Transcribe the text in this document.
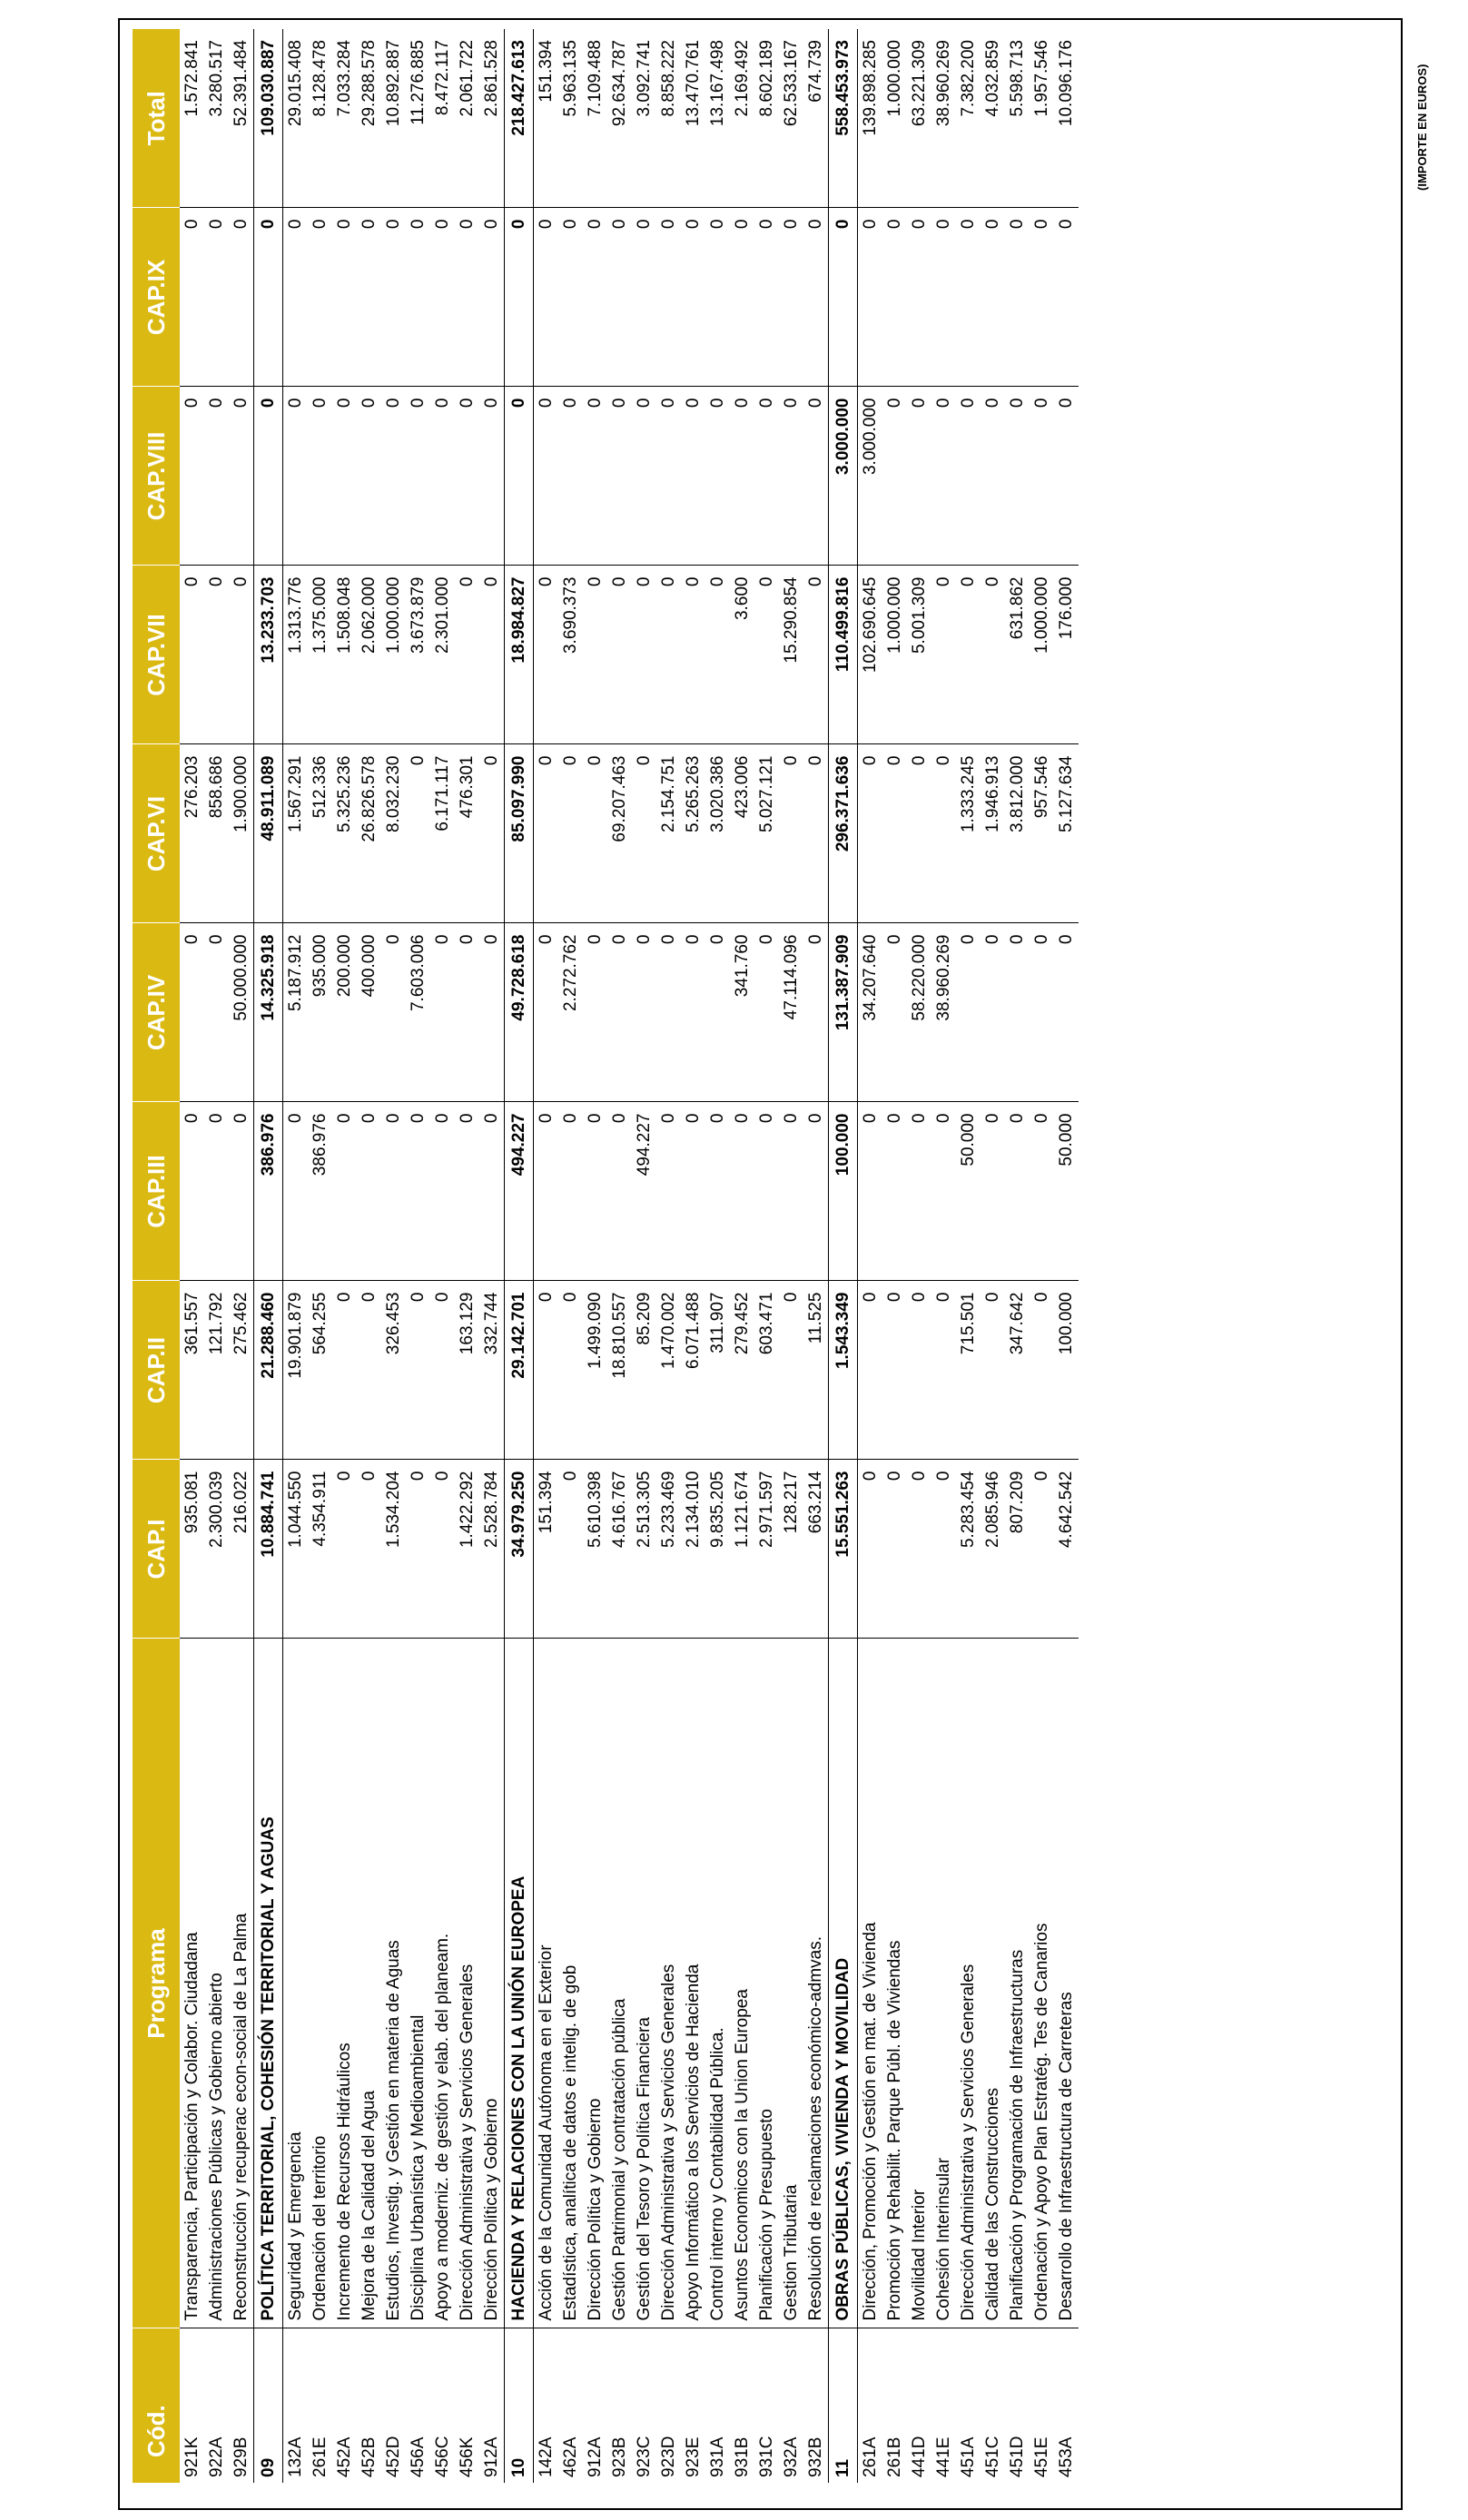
(IMPORTE EN EUROS)
Cód.	Programa	CAP.I	CAP.II	CAP.III	CAP.IV	CAP.VI	CAP.VII	CAP.VIII	CAP.IX	Total
921K	Transparencia, Participación y Colabor. Ciudadana	935.081	361.557	0	0	276.203	0	0	0	1.572.841
922A	Administraciones Públicas y Gobierno abierto	2.300.039	121.792	0	0	858.686	0	0	0	3.280.517
929B	Reconstrucción y recuperac econ-social de La Palma	216.022	275.462	0	50.000.000	1.900.000	0	0	0	52.391.484
09	POLÍTICA TERRITORIAL, COHESIÓN TERRITORIAL Y AGUAS	10.884.741	21.288.460	386.976	14.325.918	48.911.089	13.233.703	0	0	109.030.887
132A	Seguridad y Emergencia	1.044.550	19.901.879	0	5.187.912	1.567.291	1.313.776	0	0	29.015.408
261E	Ordenación del territorio	4.354.911	564.255	386.976	935.000	512.336	1.375.000	0	0	8.128.478
452A	Incremento de Recursos Hidráulicos	0	0	0	200.000	5.325.236	1.508.048	0	0	7.033.284
452B	Mejora de la Calidad del Agua	0	0	0	400.000	26.826.578	2.062.000	0	0	29.288.578
452D	Estudios, Investig. y Gestión en materia de Aguas	1.534.204	326.453	0	0	8.032.230	1.000.000	0	0	10.892.887
456A	Disciplina Urbanística y Medioambiental	0	0	0	7.603.006	0	3.673.879	0	0	11.276.885
456C	Apoyo a moderniz. de gestión y elab. del planeam.	0	0	0	0	6.171.117	2.301.000	0	0	8.472.117
456K	Dirección Administrativa y Servicios Generales	1.422.292	163.129	0	0	476.301	0	0	0	2.061.722
912A	Dirección Política y Gobierno	2.528.784	332.744	0	0	0	0	0	0	2.861.528
10	HACIENDA Y RELACIONES CON LA UNIÓN EUROPEA	34.979.250	29.142.701	494.227	49.728.618	85.097.990	18.984.827	0	0	218.427.613
142A	Acción de la Comunidad Autónoma en el Exterior	151.394	0	0	0	0	0	0	0	151.394
462A	Estadística, analítica de datos e intelig. de gob	0	0	0	2.272.762	0	3.690.373	0	0	5.963.135
912A	Dirección Política y Gobierno	5.610.398	1.499.090	0	0	0	0	0	0	7.109.488
923B	Gestión Patrimonial y contratación pública	4.616.767	18.810.557	0	0	69.207.463	0	0	0	92.634.787
923C	Gestión del Tesoro y Política Financiera	2.513.305	85.209	494.227	0	0	0	0	0	3.092.741
923D	Dirección Administrativa y Servicios Generales	5.233.469	1.470.002	0	0	2.154.751	0	0	0	8.858.222
923E	Apoyo Informático a los Servicios de Hacienda	2.134.010	6.071.488	0	0	5.265.263	0	0	0	13.470.761
931A	Control interno y Contabilidad Pública.	9.835.205	311.907	0	0	3.020.386	0	0	0	13.167.498
931B	Asuntos Economicos con la Union Europea	1.121.674	279.452	0	341.760	423.006	3.600	0	0	2.169.492
931C	Planificación y Presupuesto	2.971.597	603.471	0	0	5.027.121	0	0	0	8.602.189
932A	Gestion Tributaria	128.217	0	0	47.114.096	0	15.290.854	0	0	62.533.167
932B	Resolución de reclamaciones económico-admvas.	663.214	11.525	0	0	0	0	0	0	674.739
11	OBRAS PÚBLICAS, VIVIENDA Y MOVILIDAD	15.551.263	1.543.349	100.000	131.387.909	296.371.636	110.499.816	3.000.000	0	558.453.973
261A	Dirección, Promoción y Gestión en mat. de Vivienda	0	0	0	34.207.640	0	102.690.645	3.000.000	0	139.898.285
261B	Promoción y Rehabilit. Parque Públ. de Viviendas	0	0	0	0	0	1.000.000	0	0	1.000.000
441D	Movilidad Interior	0	0	0	58.220.000	0	5.001.309	0	0	63.221.309
441E	Cohesión Interinsular	0	0	0	38.960.269	0	0	0	0	38.960.269
451A	Dirección Administrativa y Servicios Generales	5.283.454	715.501	50.000	0	1.333.245	0	0	0	7.382.200
451C	Calidad de las Construcciones	2.085.946	0	0	0	1.946.913	0	0	0	4.032.859
451D	Planificación y Programación de Infraestructuras	807.209	347.642	0	0	3.812.000	631.862	0	0	5.598.713
451E	Ordenación y Apoyo Plan Estratég. Tes de Canarios	0	0	0	0	957.546	1.000.000	0	0	1.957.546
453A	Desarrollo de Infraestructura de Carreteras	4.642.542	100.000	50.000	0	5.127.634	176.000	0	0	10.096.176
